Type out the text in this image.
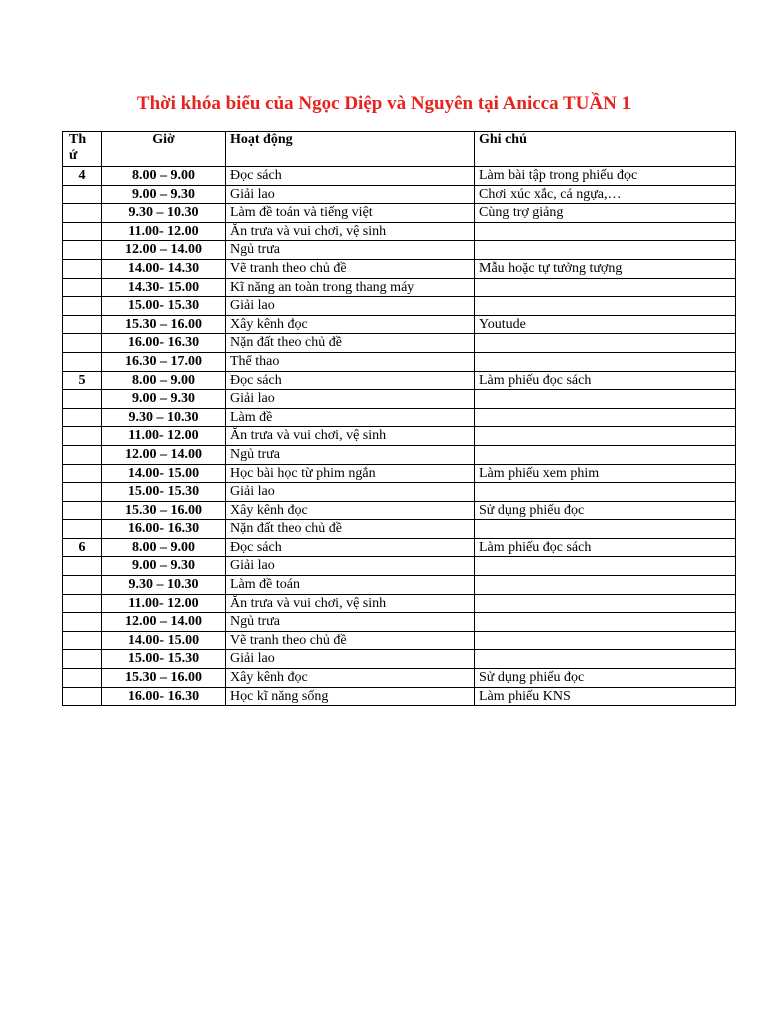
Thời khóa biểu của Ngọc Diệp và Nguyên tại Anicca TUẦN 1
Th ứ	Giờ	Hoạt động	Ghi chú
4	8.00 – 9.00	Đọc sách	Làm bài tập trong phiếu đọc
	9.00 – 9.30	Giải lao	Chơi xúc xắc, cá ngựa,…
	9.30 – 10.30	Làm đề toán và tiếng việt	Cùng trợ giảng
	11.00- 12.00	Ăn trưa và vui chơi, vệ sinh	
	12.00 – 14.00	Ngủ trưa	
	14.00- 14.30	Vẽ tranh theo chủ đề	Mẫu hoặc tự tưởng tượng
	14.30- 15.00	Kĩ năng an toàn trong thang máy	
	15.00- 15.30	Giải lao	
	15.30 – 16.00	Xây kênh đọc	Youtude
	16.00- 16.30	Nặn đất theo chủ đề	
	16.30 – 17.00	Thể thao	
5	8.00 – 9.00	Đọc sách	Làm phiếu đọc sách
	9.00 – 9.30	Giải lao	
	9.30 – 10.30	Làm đề	
	11.00- 12.00	Ăn trưa và vui chơi, vệ sinh	
	12.00 – 14.00	Ngủ trưa	
	14.00- 15.00	Học bài học từ phim ngắn	Làm phiếu xem phim
	15.00- 15.30	Giải lao	
	15.30 – 16.00	Xây kênh đọc	Sử dụng phiếu đọc
	16.00- 16.30	Nặn đất theo chủ đề	
6	8.00 – 9.00	Đọc sách	Làm phiếu đọc sách
	9.00 – 9.30	Giải lao	
	9.30 – 10.30	Làm đề toán	
	11.00- 12.00	Ăn trưa và vui chơi, vệ sinh	
	12.00 – 14.00	Ngủ trưa	
	14.00- 15.00	Vẽ tranh theo chủ đề	
	15.00- 15.30	Giải lao	
	15.30 – 16.00	Xây kênh đọc	Sử dụng phiếu đọc
	16.00- 16.30	Học kĩ năng sống	Làm phiếu KNS
